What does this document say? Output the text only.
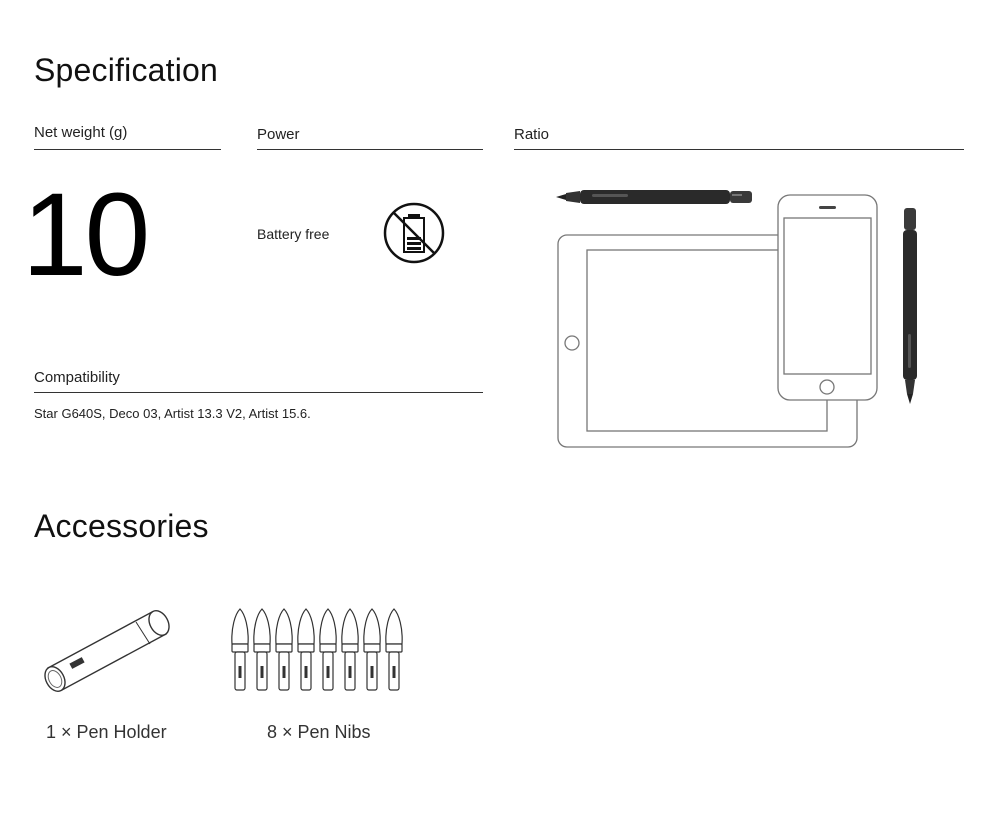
Specification
Net weight (g)
10
Power
Battery free
Ratio
Compatibility
Star G640S, Deco 03, Artist 13.3 V2, Artist 15.6.
Accessories
1 × Pen Holder	8 × Pen Nibs
